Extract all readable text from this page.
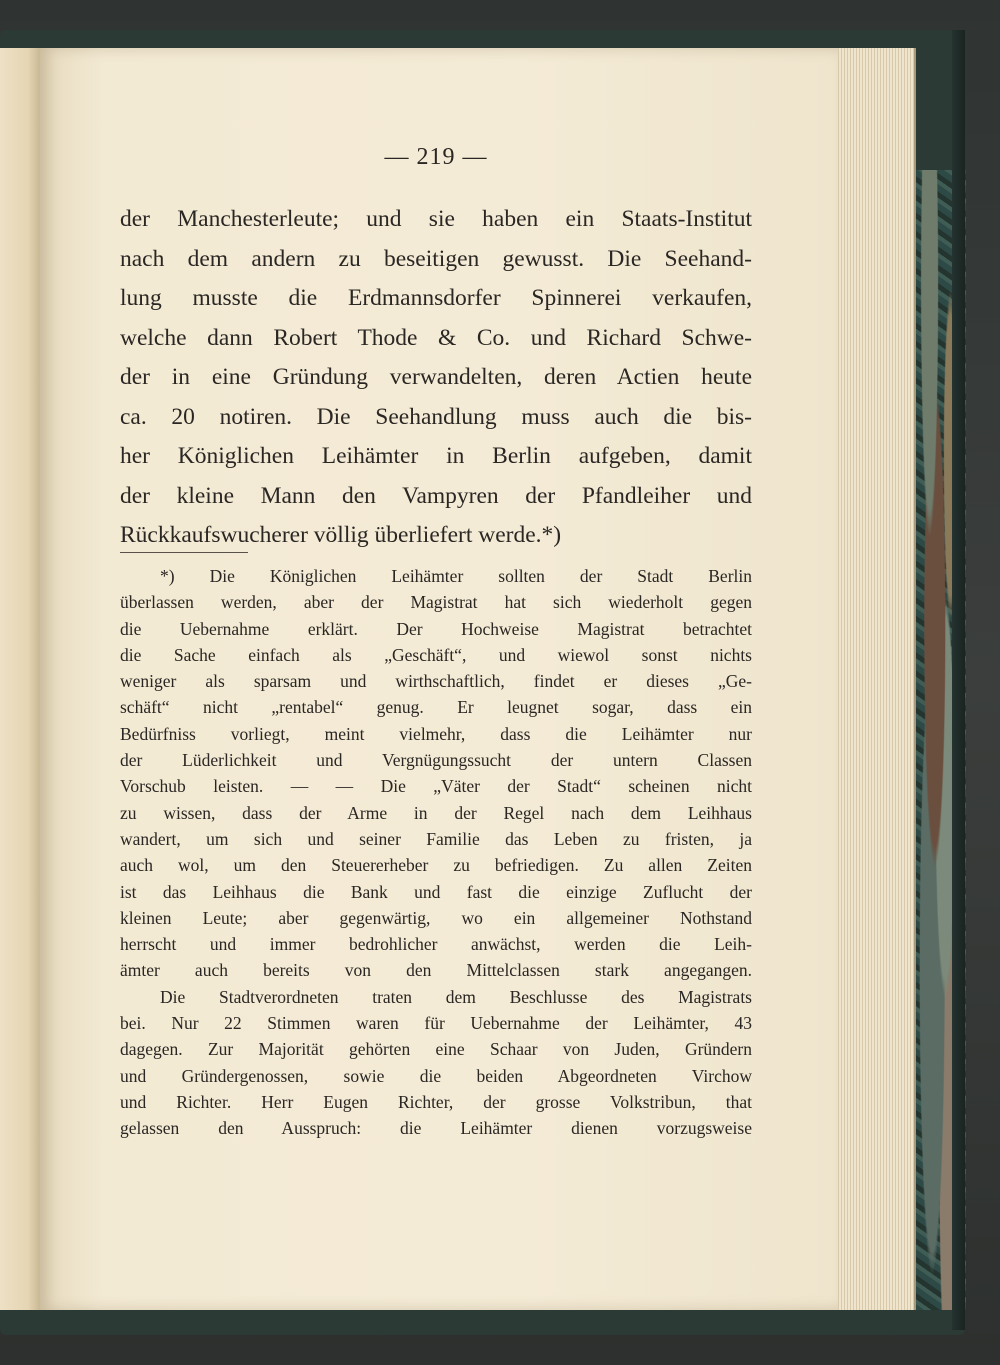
— 219 —
der Manchesterleute; und sie haben ein Staats-Institut
nach dem andern zu beseitigen gewusst. Die Seehand-
lung musste die Erdmannsdorfer Spinnerei verkaufen,
welche dann Robert Thode & Co. und Richard Schwe-
der in eine Gründung verwandelten, deren Actien heute
ca. 20 notiren. Die Seehandlung muss auch die bis-
her Königlichen Leihämter in Berlin aufgeben, damit
der kleine Mann den Vampyren der Pfandleiher und
Rückkaufswucherer völlig überliefert werde.*)
*) Die Königlichen Leihämter sollten der Stadt Berlin
überlassen werden, aber der Magistrat hat sich wiederholt gegen
die Uebernahme erklärt. Der Hochweise Magistrat betrachtet
die Sache einfach als „Geschäft“, und wiewol sonst nichts
weniger als sparsam und wirthschaftlich, findet er dieses „Ge-
schäft“ nicht „rentabel“ genug. Er leugnet sogar, dass ein
Bedürfniss vorliegt, meint vielmehr, dass die Leihämter nur
der Lüderlichkeit und Vergnügungssucht der untern Classen
Vorschub leisten. — — Die „Väter der Stadt“ scheinen nicht
zu wissen, dass der Arme in der Regel nach dem Leihhaus
wandert, um sich und seiner Familie das Leben zu fristen, ja
auch wol, um den Steuererheber zu befriedigen. Zu allen Zeiten
ist das Leihhaus die Bank und fast die einzige Zuflucht der
kleinen Leute; aber gegenwärtig, wo ein allgemeiner Nothstand
herrscht und immer bedrohlicher anwächst, werden die Leih-
ämter auch bereits von den Mittelclassen stark angegangen.
Die Stadtverordneten traten dem Beschlusse des Magistrats
bei. Nur 22 Stimmen waren für Uebernahme der Leihämter, 43
dagegen. Zur Majorität gehörten eine Schaar von Juden, Gründern
und Gründergenossen, sowie die beiden Abgeordneten Virchow
und Richter. Herr Eugen Richter, der grosse Volkstribun, that
gelassen den Ausspruch: die Leihämter dienen vorzugsweise
